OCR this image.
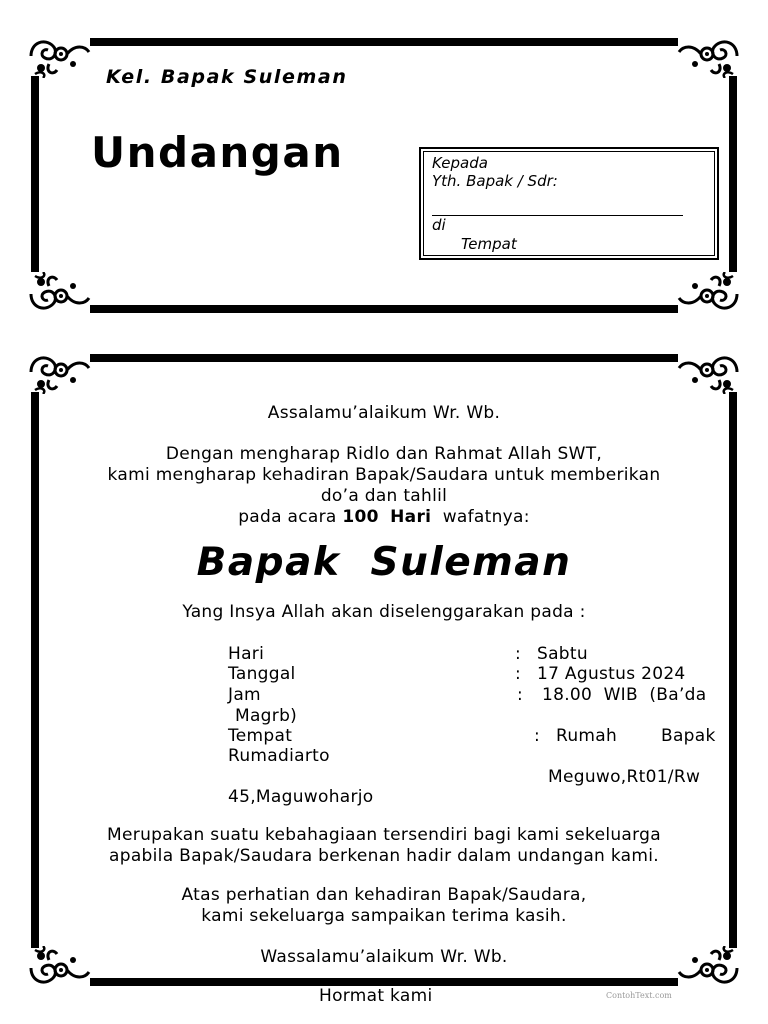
Kel. Bapak Suleman
Undangan	Kepada
Yth. Bapak / Sdr:
di
Tempat
Assalamu’alaikum Wr. Wb.
Dengan mengharap Ridlo dan Rahmat Allah SWT,
kami mengharap kehadiran Bapak/Saudara untuk memberikan
do’a dan tahlil
pada acara 100 Hari wafatnya:
Bapak  Suleman
Yang Insya Allah akan diselenggarakan pada :
Hari	: Sabtu
Tanggal	: 17 Agustus 2024
Jam	: 18.00  WIB  (Ba’da
Magrb)
Tempat	: Rumah	Bapak
Rumadiarto
Meguwo,Rt01/Rw
45,Maguwoharjo
Merupakan suatu kebahagiaan tersendiri bagi kami sekeluarga
apabila Bapak/Saudara berkenan hadir dalam undangan kami.
Atas perhatian dan kehadiran Bapak/Saudara,
kami sekeluarga sampaikan terima kasih.
Wassalamu’alaikum Wr. Wb.
Hormat kami	ContohText.com
